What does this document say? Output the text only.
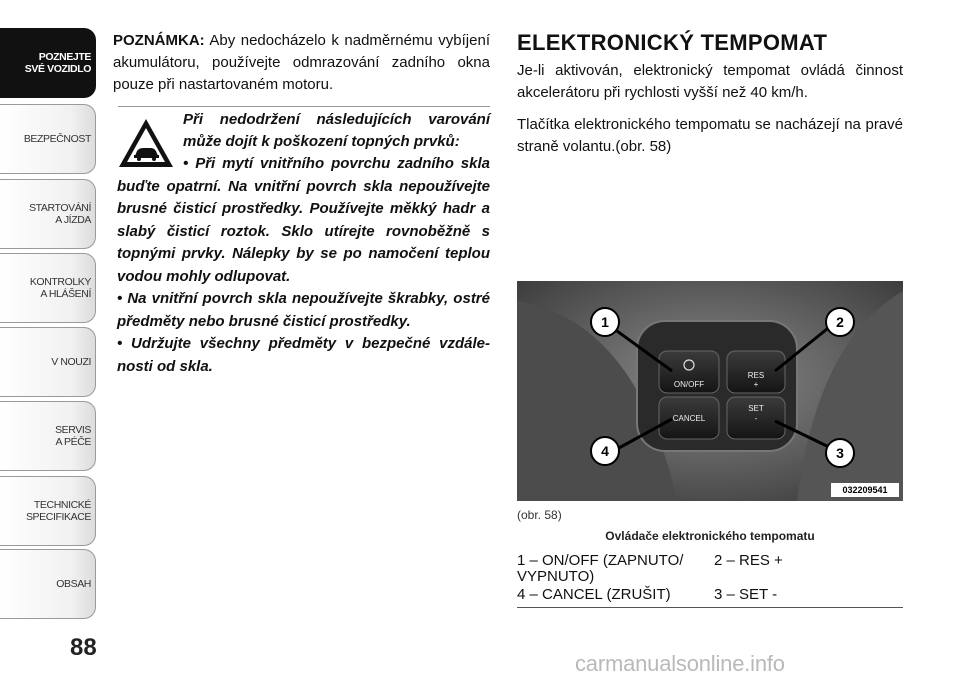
POZNEJTE
SVÉ VOZIDLO
BEZPEČNOST
STARTOVÁNÍ
A JÍZDA
KONTROLKY
A HLÁŠENÍ
V NOUZI
SERVIS
A PÉČE
TECHNICKÉ
SPECIFIKACE
OBSAH
88

POZNÁMKA: Aby nedocházelo k nadměrnému vybíjení akumulátoru, používejte odmrazování zadního okna pouze při nastartovaném motoru.

Při nedodržení následujících varování může dojít k poškození topných prvků:

• Při mytí vnitřního povrchu zadního skla buďte opatrní. Na vnitřní povrch skla nepoužívejte brusné čisticí prostředky. Používejte měkký hadr a slabý čisticí roztok. Sklo utírejte rovnoběžně s topnými prvky. Nálepky by se po namočení teplou vodou mohly odlupovat.

• Na vnitřní povrch skla nepoužívejte škrabky, ostré předměty nebo brusné čisticí prostředky.

• Udržujte všechny předměty v bezpečné vzdálenosti od skla.

ELEKTRONICKÝ TEMPOMAT

Je-li aktivován, elektronický tempomat ovládá činnost akcelerátoru při rychlosti vyšší než 40 km/h.

Tlačítka elektronického tempomatu se nacházejí na pravé straně volantu.(obr. 58)

ON/OFF
CANCEL
RES
+
SET
-
1	2
3
4
032209541
(obr. 58)
Ovládače elektronického tempomatu
1 – ON/OFF (ZAPNUTO/
VYPNUTO)
2 – RES +
4 – CANCEL (ZRUŠIT)	3 – SET -
carmanualsonline.info
